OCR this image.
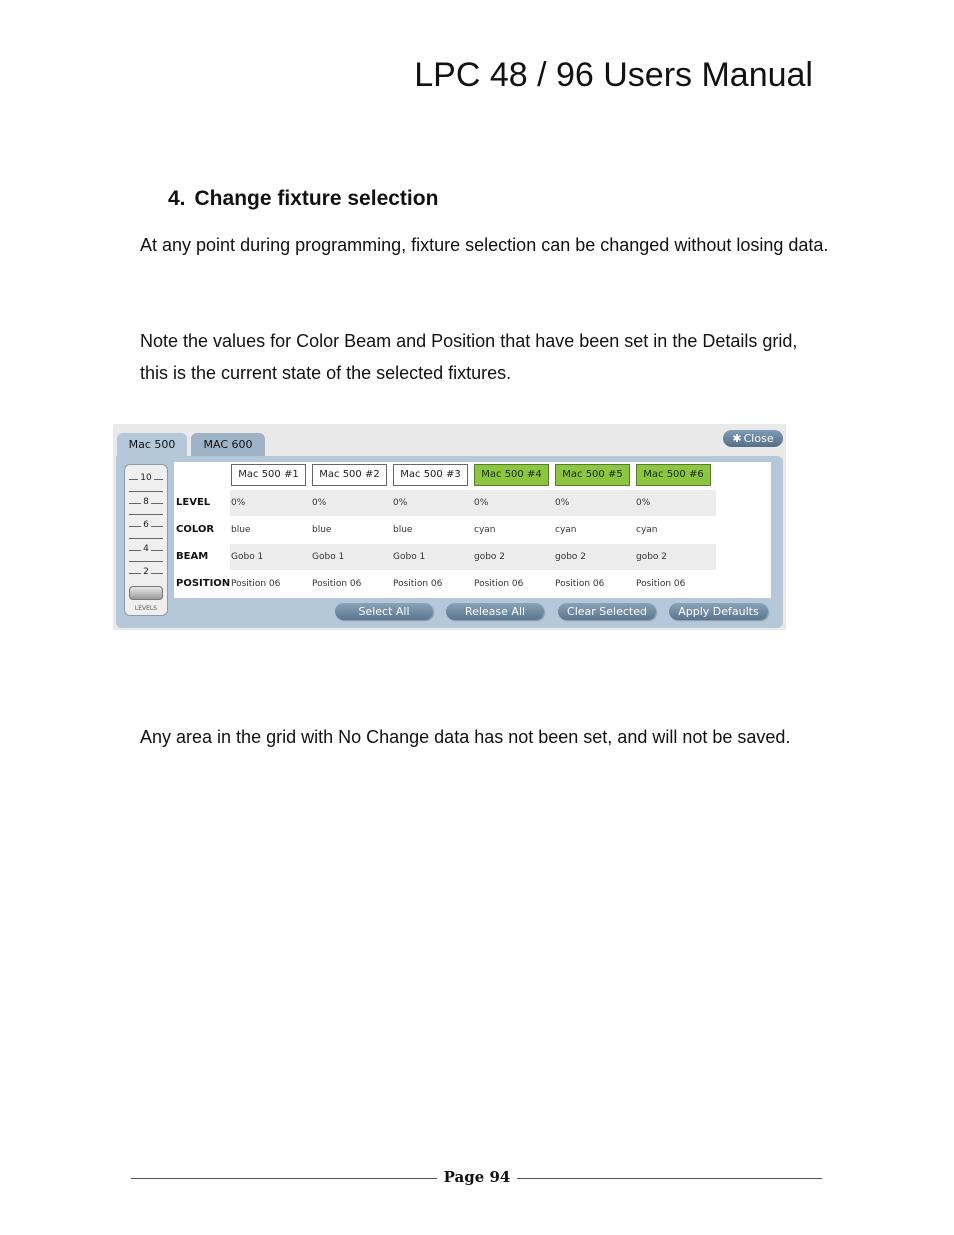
LPC 48 / 96 Users Manual
4. Change fixture selection
At any point during programming, fixture selection can be changed without losing data.
Note the values for Color Beam and Position that have been set in the Details grid, this is the current state of the selected fixtures.
Mac 500	MAC 600	✱ Close
10
8
6
4
2
LEVELS
Mac 500 #1	Mac 500 #2	Mac 500 #3	Mac 500 #4	Mac 500 #5	Mac 500 #6
LEVEL 0%	0%	0%	0%	0%	0%
COLOR blue	blue	blue	cyan	cyan	cyan
BEAM	Gobo 1	Gobo 1	Gobo 1	gobo 2	gobo 2	gobo 2
POSITION Position 06	Position 06	Position 06	Position 06	Position 06	Position 06
Select All	Release All	Clear Selected	Apply Defaults
Any area in the grid with No Change data has not been set, and will not be saved.
Page 94
